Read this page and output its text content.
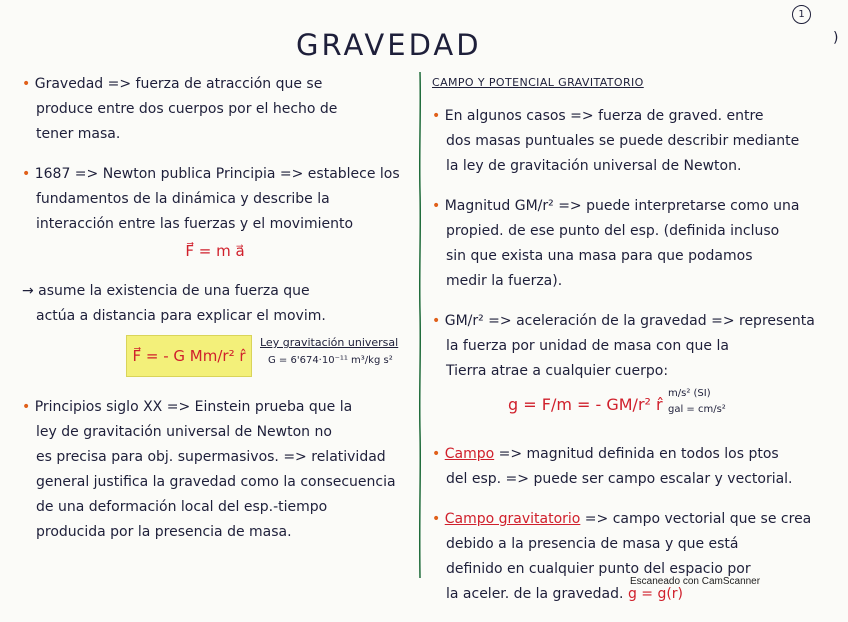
1
)
GRAVEDAD
• Gravedad => fuerza de atracción que se
produce entre dos cuerpos por el hecho de
tener masa.
• 1687 => Newton publica Principia => establece los
fundamentos de la dinámica y describe la
interacción entre las fuerzas y el movimiento
F⃗ = m a⃗
→ asume la existencia de una fuerza que
actúa a distancia para explicar el movim.
F⃗ = - G Mm/r² r̂
Ley gravitación universal
G = 6'674·10⁻¹¹ m³/kg s²
• Principios siglo XX => Einstein prueba que la
ley de gravitación universal de Newton no
es precisa para obj. supermasivos. => relatividad
general justifica la gravedad como la consecuencia
de una deformación local del esp.-tiempo
producida por la presencia de masa.
CAMPO Y POTENCIAL GRAVITATORIO
• En algunos casos => fuerza de graved. entre
dos masas puntuales se puede describir mediante
la ley de gravitación universal de Newton.
• Magnitud GM/r² => puede interpretarse como una
propied. de ese punto del esp. (definida incluso
sin que exista una masa para que podamos
medir la fuerza).
• GM/r² => aceleración de la gravedad => representa
la fuerza por unidad de masa con que la
Tierra atrae a cualquier cuerpo:
g = F/m = - GM/r² r̂
m/s² (SI)
gal = cm/s²
• Campo => magnitud definida en todos los ptos
del esp. => puede ser campo escalar y vectorial.
• Campo gravitatorio => campo vectorial que se crea
debido a la presencia de masa y que está
definido en cualquier punto del espacio por
la aceler. de la gravedad. g = g(r)
Escaneado con CamScanner
